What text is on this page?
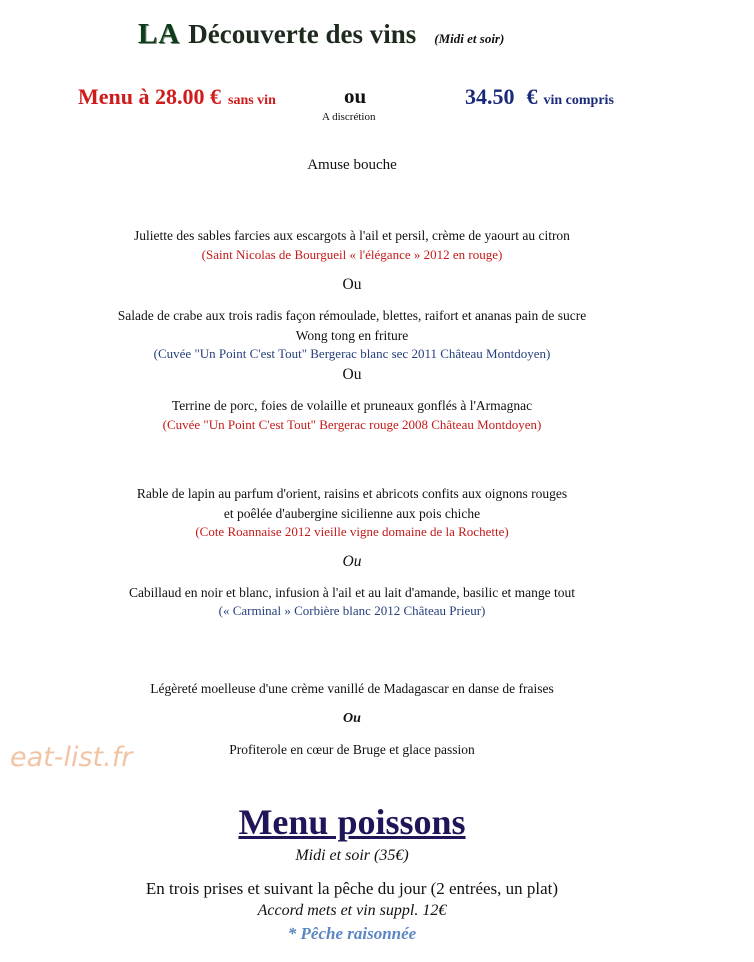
LA Découverte des vins (Midi et soir)
Menu à 28.00 € sans vin	ou
A discrétion
34.50 € vin compris
Amuse bouche
Juliette des sables farcies aux escargots à l'ail et persil, crème de yaourt au citron
(Saint Nicolas de Bourgueil « l'élégance » 2012 en rouge)
Ou
Salade de crabe aux trois radis façon rémoulade, blettes, raifort et ananas pain de sucre
Wong tong en friture
(Cuvée "Un Point C'est Tout" Bergerac blanc sec 2011 Château Montdoyen)
Ou
Terrine de porc, foies de volaille et pruneaux gonflés à l'Armagnac
(Cuvée "Un Point C'est Tout" Bergerac rouge 2008 Château Montdoyen)
Rable de lapin au parfum d'orient, raisins et abricots confits aux oignons rouges
et poêlée d'aubergine sicilienne aux pois chiche
(Cote Roannaise 2012 vieille vigne domaine de la Rochette)
Ou
Cabillaud en noir et blanc, infusion à l'ail et au lait d'amande, basilic et mange tout
(« Carminal » Corbière blanc 2012 Château Prieur)
Légèreté moelleuse d'une crème vanillé de Madagascar en danse de fraises
Ou
Profiterole en cœur de Bruge et glace passion
eat-list.fr
Menu poissons
Midi et soir (35€)
En trois prises et suivant la pêche du jour (2 entrées, un plat)
Accord mets et vin suppl. 12€
* Pêche raisonnée
